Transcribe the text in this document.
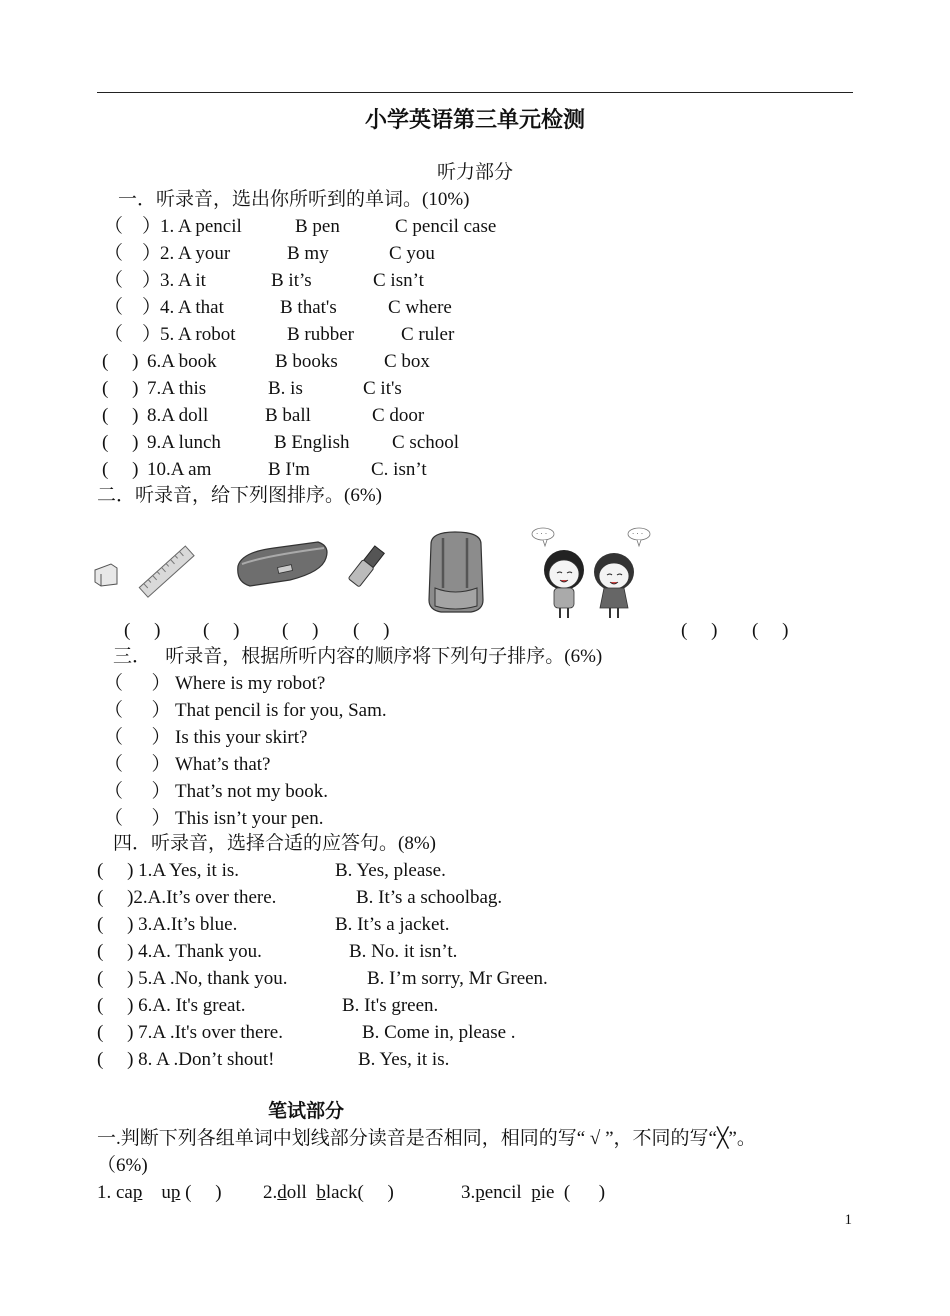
小学英语第三单元检测
听力部分
一．听录音，选出你所听到的单词。(10%)
（    ）
1. A pencil	B pen	C pencil case
（    ）
2. A your	B my	C you
（    ）
3. A it	B it’s	C isn’t
（    ）
4. A that	B that's	C where
（    ）
5. A robot	B rubber C ruler
(     ) 6.A book	B books C box
(     ) 7.A this	B. is	C it's
(     ) 8.A doll	B ball	C door
(     ) 9.A lunch	B English C school
(     ) 10.A am	B I'm	C. isn’t
二．听录音，给下列图排序。(6%)
· · ·	· · ·
(     ) (     ) (     ) (     )	(     ) (     )
三．   听录音，根据所听内容的顺序将下列句子排序。(6%)
（      ） Where is my robot?
（      ） That pencil is for you, Sam.
（      ） Is this your skirt?
（      ） What’s that?
（      ） That’s not my book.
（      ） This isn’t your pen.
四．听录音，选择合适的应答句。(8%)
(     ) 1.A Yes, it is.	B. Yes, please.
(     )2.A.It’s over there.	B. It’s a schoolbag.
(     ) 3.A.It’s blue.	B. It’s a jacket.
(     ) 4.A. Thank you.	B. No. it isn’t.
(     ) 5.A .No, thank you.	B. I’m sorry, Mr Green.
(     ) 6.A. It's great.	B. It's green.
(     ) 7.A .It's over there.	B. Come in, please .
(     ) 8. A .Don’t shout!	B. Yes, it is.
笔试部分
一.判断下列各组单词中划线部分读音是否相同，相同的写“ √ ”，不同的写“╳”。
（6%)
1. cap up (     ) 2.doll  black(     )	3.pencil  pie  (      )
1
